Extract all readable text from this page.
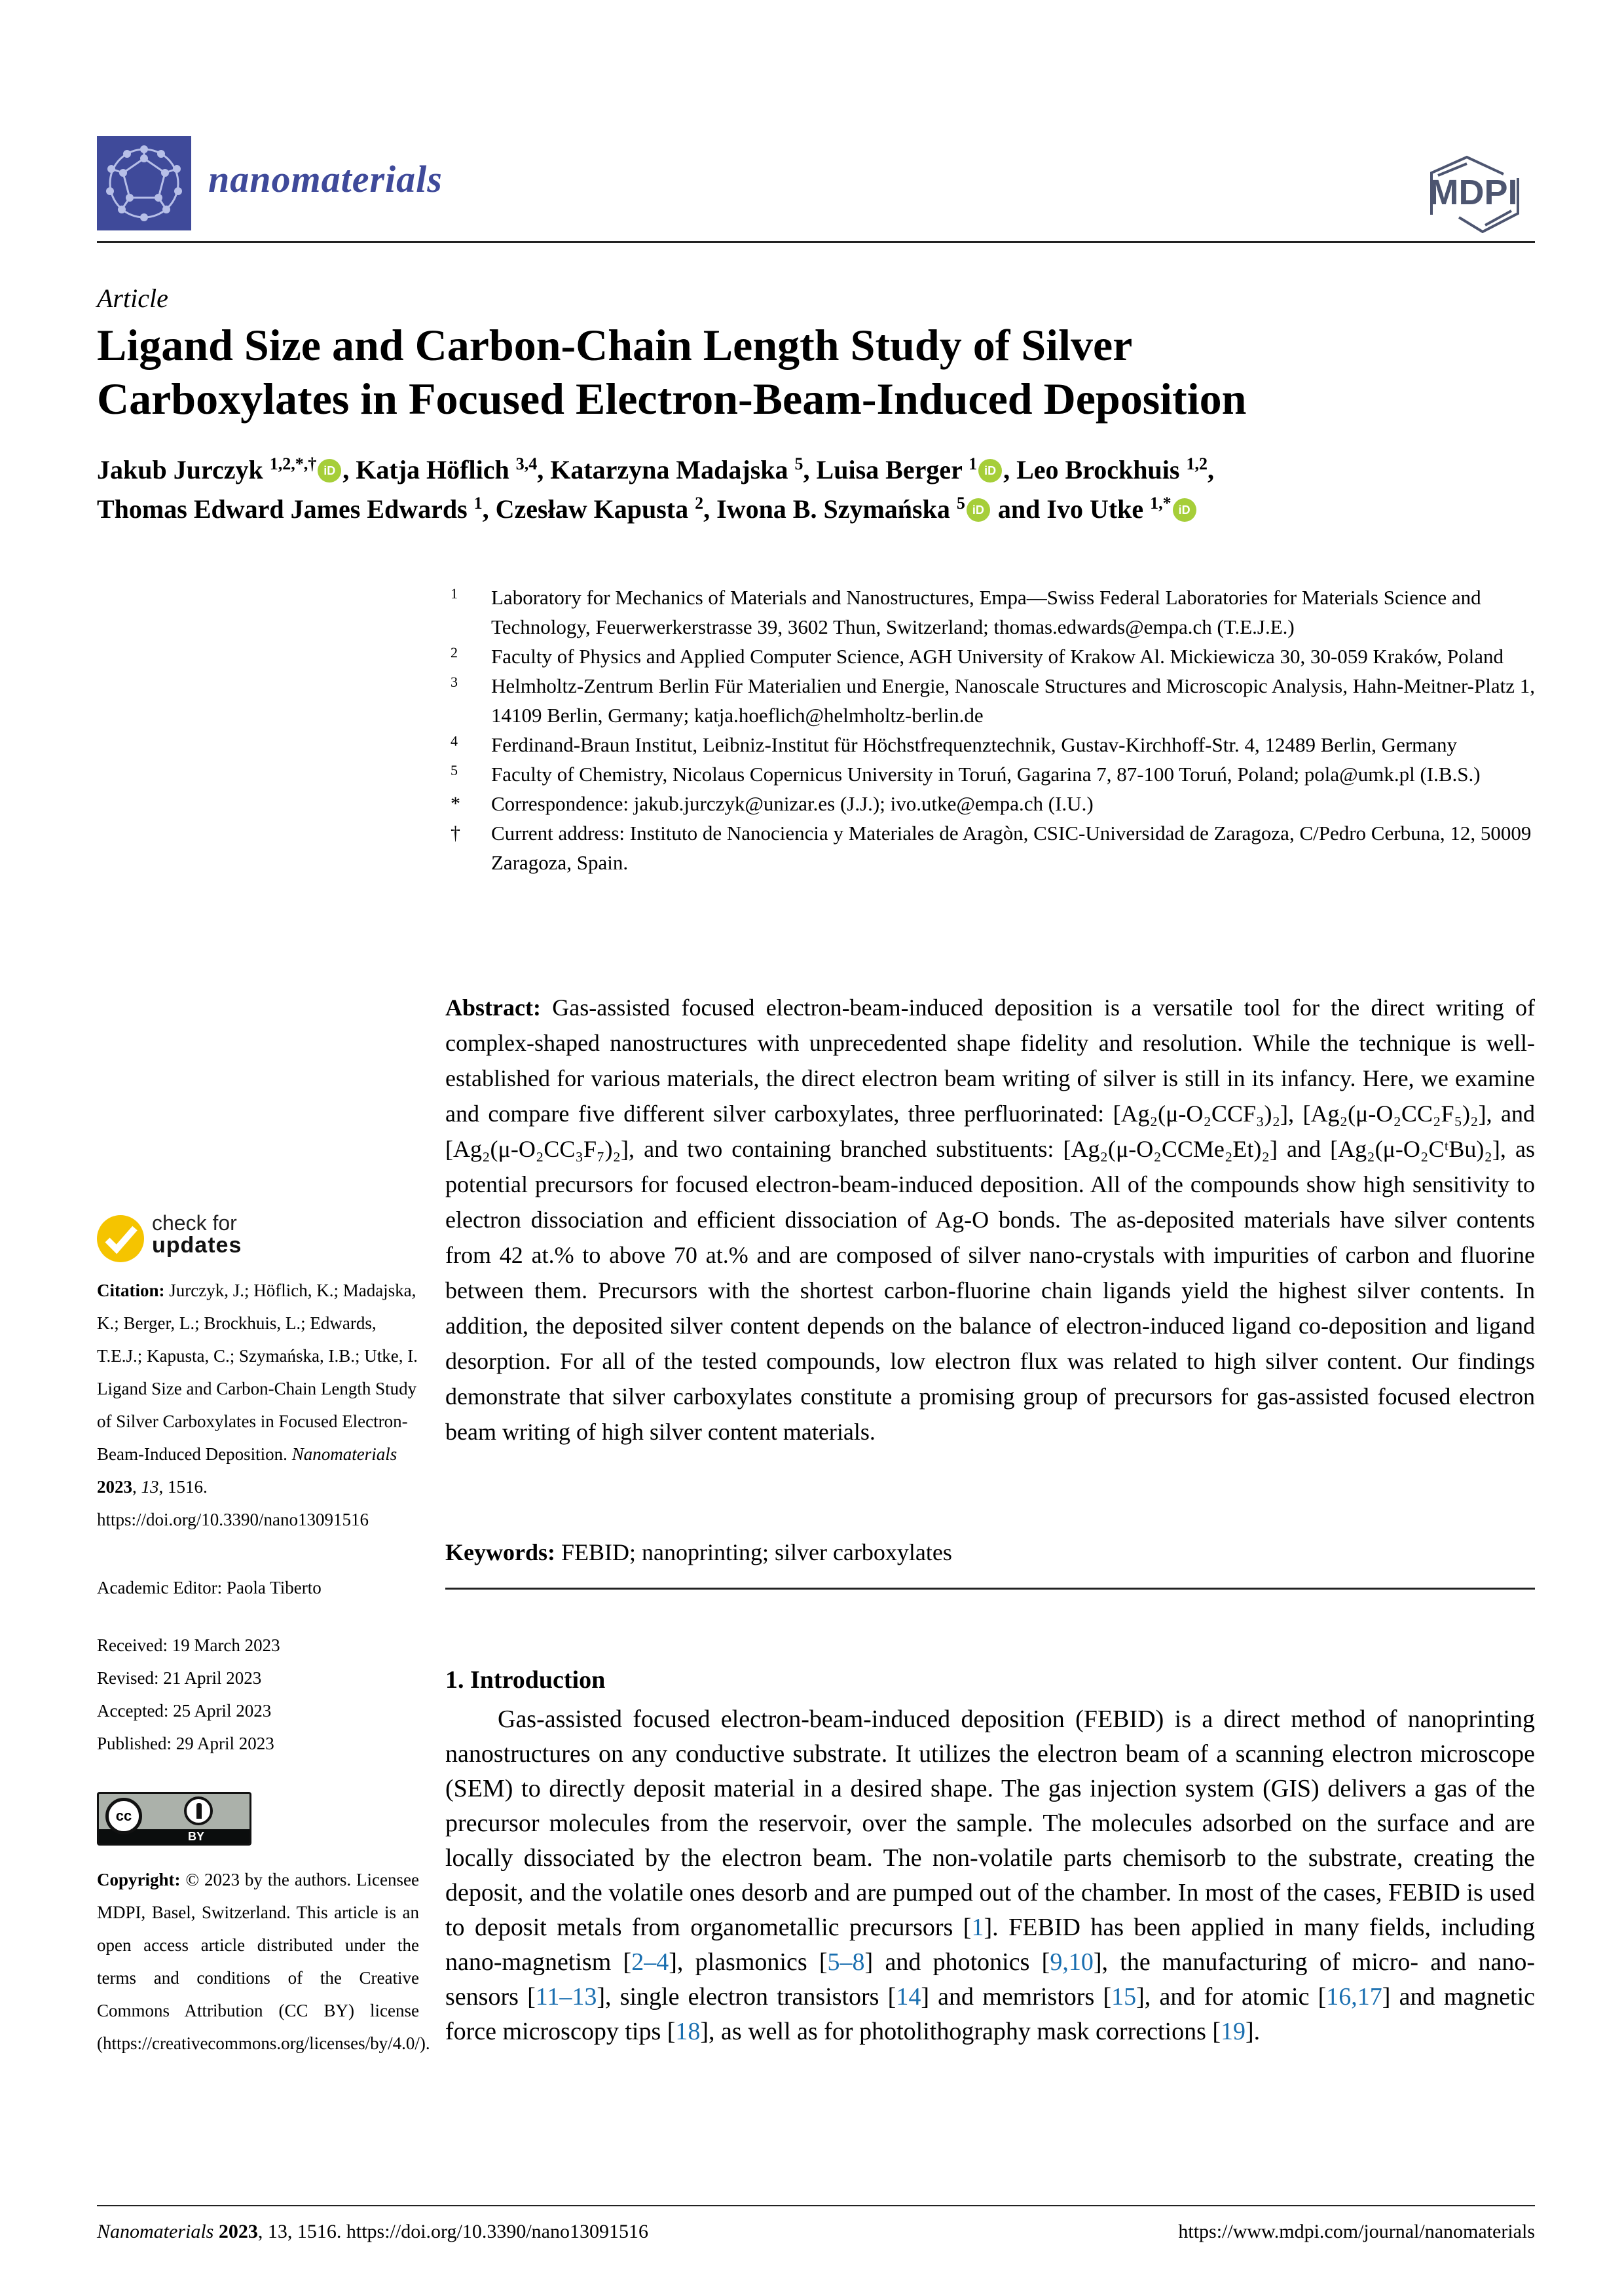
nanomaterials	MDPI
Article
Ligand Size and Carbon-Chain Length Study of Silver
Carboxylates in Focused Electron-Beam-Induced Deposition
Jakub Jurczyk $^{1,2,*,\dagger}$ iD , Katja Höflich $^{3,4}$, Katarzyna Madajska $^5$, Luisa Berger $^1$ iD , Leo Brockhuis $^{1,2}$,
Thomas Edward James Edwards $^1$, Czesław Kapusta $^2$, Iwona B. Szymańska $^5$ iD and Ivo Utke $^{1,*}$ iD
1 Laboratory for Mechanics of Materials and Nanostructures, Empa—Swiss Federal Laboratories for Materials Science and Technology, Feuerwerkerstrasse 39, 3602 Thun, Switzerland; thomas.edwards@empa.ch (T.E.J.E.)
2 Faculty of Physics and Applied Computer Science, AGH University of Krakow Al. Mickiewicza 30, 30-059 Kraków, Poland
3 Helmholtz-Zentrum Berlin Für Materialien und Energie, Nanoscale Structures and Microscopic Analysis, Hahn-Meitner-Platz 1, 14109 Berlin, Germany; katja.hoeflich@helmholtz-berlin.de
4 Ferdinand-Braun Institut, Leibniz-Institut für Höchstfrequenztechnik, Gustav-Kirchhoff-Str. 4, 12489 Berlin, Germany
5 Faculty of Chemistry, Nicolaus Copernicus University in Toruń, Gagarina 7, 87-100 Toruń, Poland; pola@umk.pl (I.B.S.)
* Correspondence: jakub.jurczyk@unizar.es (J.J.); ivo.utke@empa.ch (I.U.)
† Current address: Instituto de Nanociencia y Materiales de Aragòn, CSIC-Universidad de Zaragoza, C/Pedro Cerbuna, 12, 50009 Zaragoza, Spain.
check for
updates
Citation: Jurczyk, J.; Höflich, K.; Madajska, K.; Berger, L.; Brockhuis, L.; Edwards, T.E.J.; Kapusta, C.; Szymańska, I.B.; Utke, I. Ligand Size and Carbon-Chain Length Study of Silver Carboxylates in Focused Electron-Beam-Induced Deposition. Nanomaterials 2023, 13, 1516. https://doi.org/10.3390/nano13091516
Academic Editor: Paola Tiberto
Received: 19 March 2023
Revised: 21 April 2023
Accepted: 25 April 2023
Published: 29 April 2023
cc
BY
Copyright: © 2023 by the authors. Licensee MDPI, Basel, Switzerland. This article is an open access article distributed under the terms and conditions of the Creative Commons Attribution (CC BY) license (https://creativecommons.org/licenses/by/4.0/).
Abstract: Gas-assisted focused electron-beam-induced deposition is a versatile tool for the direct writing of complex-shaped nanostructures with unprecedented shape fidelity and resolution. While the technique is well-established for various materials, the direct electron beam writing of silver is still in its infancy. Here, we examine and compare five different silver carboxylates, three perfluorinated: [Ag₂(μ-O₂CCF₃)₂], [Ag₂(μ-O₂CC₂F₅)₂], and [Ag₂(μ-O₂CC₃F₇)₂], and two containing branched substituents: [Ag₂(μ-O₂CCMe₂Et)₂] and [Ag₂(μ-O₂CᵗBu)₂], as potential precursors for focused electron-beam-induced deposition. All of the compounds show high sensitivity to electron dissociation and efficient dissociation of Ag-O bonds. The as-deposited materials have silver contents from 42 at.% to above 70 at.% and are composed of silver nano-crystals with impurities of carbon and fluorine between them. Precursors with the shortest carbon-fluorine chain ligands yield the highest silver contents. In addition, the deposited silver content depends on the balance of electron-induced ligand co-deposition and ligand desorption. For all of the tested compounds, low electron flux was related to high silver content. Our findings demonstrate that silver carboxylates constitute a promising group of precursors for gas-assisted focused electron beam writing of high silver content materials.
Keywords: FEBID; nanoprinting; silver carboxylates
1. Introduction
Gas-assisted focused electron-beam-induced deposition (FEBID) is a direct method of nanoprinting nanostructures on any conductive substrate. It utilizes the electron beam of a scanning electron microscope (SEM) to directly deposit material in a desired shape. The gas injection system (GIS) delivers a gas of the precursor molecules from the reservoir, over the sample. The molecules adsorbed on the surface and are locally dissociated by the electron beam. The non-volatile parts chemisorb to the substrate, creating the deposit, and the volatile ones desorb and are pumped out of the chamber. In most of the cases, FEBID is used to deposit metals from organometallic precursors [1]. FEBID has been applied in many fields, including nano-magnetism [2–4], plasmonics [5–8] and photonics [9,10], the manufacturing of micro- and nano-sensors [11–13], single electron transistors [14] and memristors [15], and for atomic [16,17] and magnetic force microscopy tips [18], as well as for photolithography mask corrections [19].
Nanomaterials 2023, 13, 1516. https://doi.org/10.3390/nano13091516	https://www.mdpi.com/journal/nanomaterials
